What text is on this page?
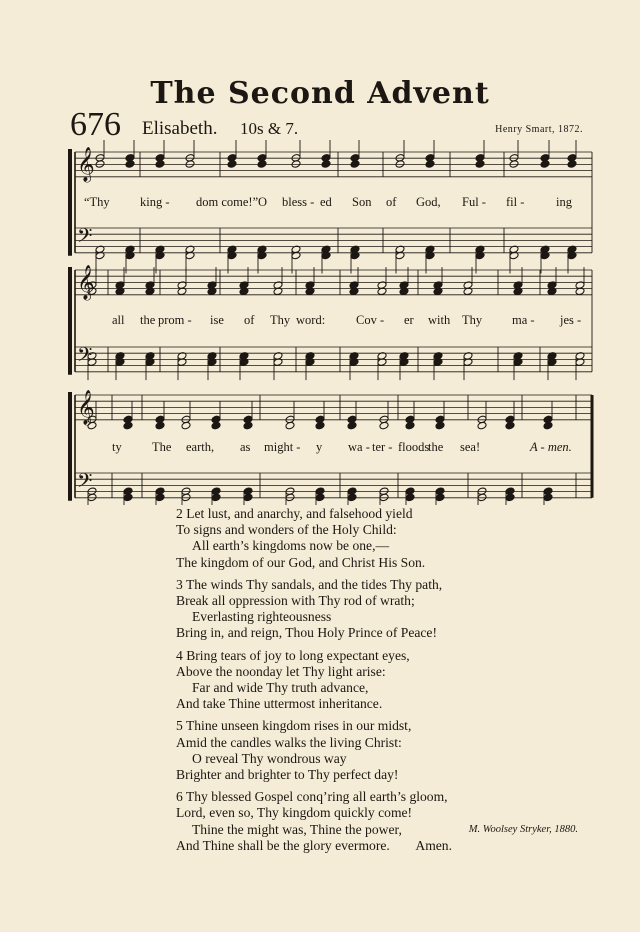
The Second Advent
676 Elisabeth. 10s & 7.	Henry Smart, 1872.
𝄞
𝄢
𝄞
𝄢
𝄞
𝄢
“Thy king - dom come!” O bless - ed Son of God, Ful - fil -	ing
all the prom - ise of Thy word: Cov - er with Thy ma - jes -
ty The earth, as might - y wa - ter - floods
the sea!	A - men.
2 Let lust, and anarchy, and falsehood yield
To signs and wonders of the Holy Child:
All earth’s kingdoms now be one,—
The kingdom of our God, and Christ His Son.
3 The winds Thy sandals, and the tides Thy path,
Break all oppression with Thy rod of wrath;
Everlasting righteousness
Bring in, and reign, Thou Holy Prince of Peace!
4 Bring tears of joy to long expectant eyes,
Above the noonday let Thy light arise:
Far and wide Thy truth advance,
And take Thine uttermost inheritance.
5 Thine unseen kingdom rises in our midst,
Amid the candles walks the living Christ:
O reveal Thy wondrous way
Brighter and brighter to Thy perfect day!
6 Thy blessed Gospel conq’ring all earth’s gloom,
Lord, even so, Thy kingdom quickly come!
Thine the might was, Thine the power,
And Thine shall be the glory evermore. Amen.
M. Woolsey Stryker, 1880.
